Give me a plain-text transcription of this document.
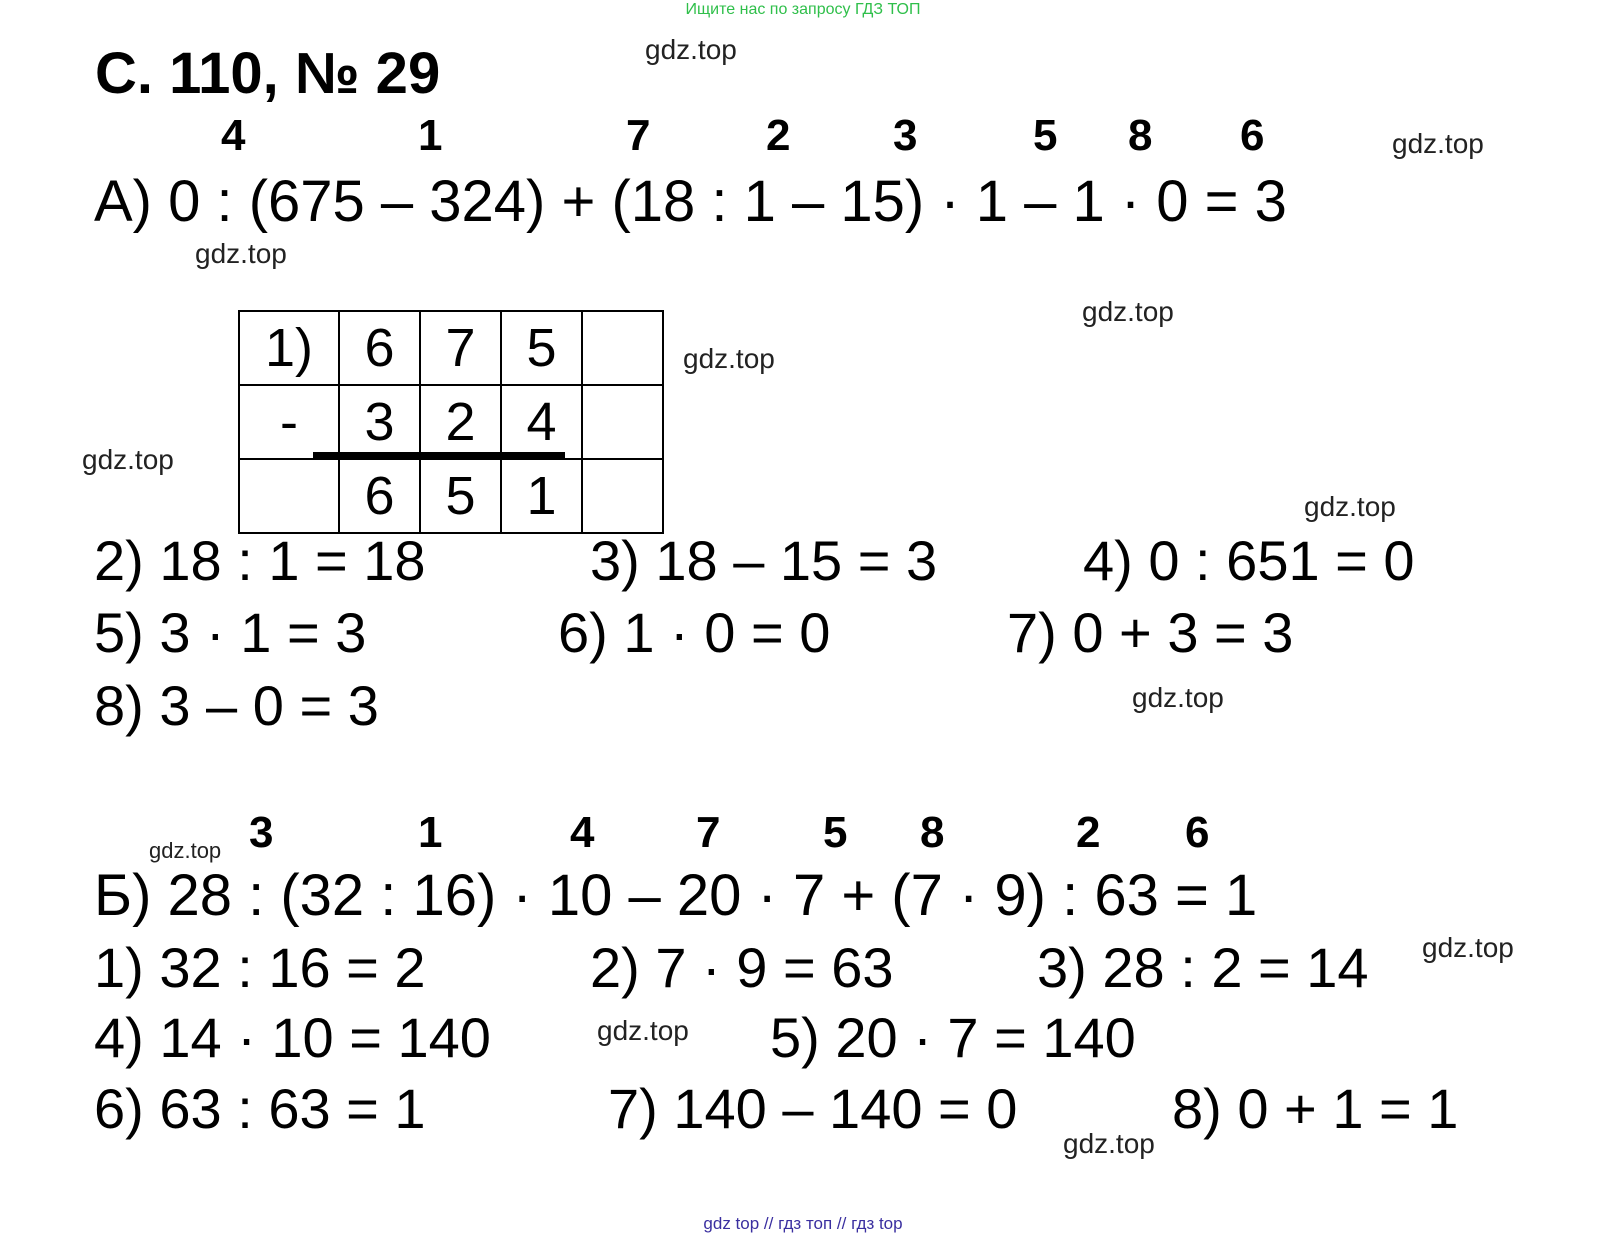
Ищите нас по запросу ГДЗ ТОП
С. 110, № 29	gdz.top
gdz.top
gdz.top
gdz.top
gdz.top
gdz.top
gdz.top
gdz.top
gdz.top
gdz.top
gdz.top
gdz.top
4	1	7	2 3	5 8 6
А) 0 : (675 – 324) + (18 : 1 – 15) · 1 – 1 · 0 = 3
1)	6	7	5	
-	3	2	4	
	6	5	1	
2) 18 : 1 = 18	3) 18 – 15 = 3	4) 0 : 651 = 0
5) 3 · 1 = 3	6) 1 · 0 = 0	7) 0 + 3 = 3
8) 3 – 0 = 3
3	1	4 7 5 8	2 6
Б) 28 : (32 : 16) · 10 – 20 · 7 + (7 · 9) : 63 = 1
1) 32 : 16 = 2	2) 7 · 9 = 63	3) 28 : 2 = 14
4) 14 · 10 = 140	5) 20 · 7 = 140
6) 63 : 63 = 1	7) 140 – 140 = 0	8) 0 + 1 = 1
gdz top // гдз топ // гдз top
